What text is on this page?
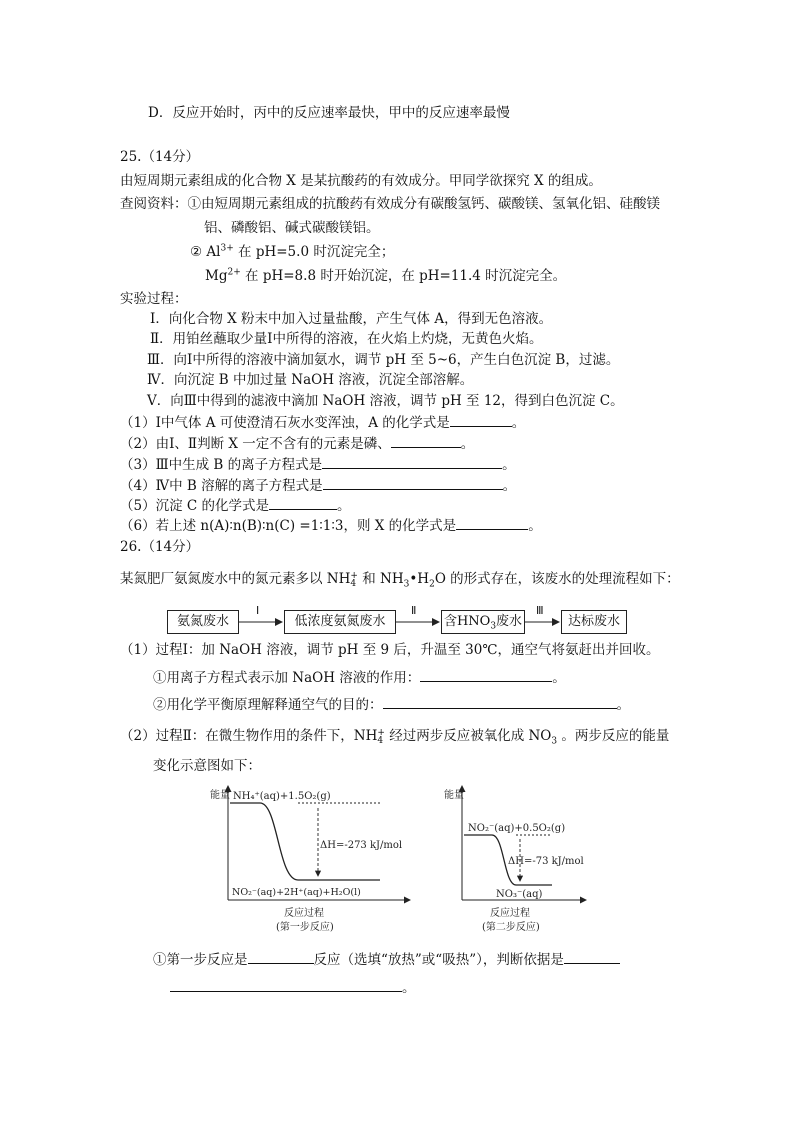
D．反应开始时，丙中的反应速率最快，甲中的反应速率最慢
25.（14分）
由短周期元素组成的化合物 X 是某抗酸药的有效成分。甲同学欲探究 X 的组成。
查阅资料：①由短周期元素组成的抗酸药有效成分有碳酸氢钙、碳酸镁、氢氧化铝、硅酸镁
铝、磷酸铝、碱式碳酸镁铝。
② $Al^{3+}$ 在 pH=5.0 时沉淀完全；
$Mg^{2+}$ 在 pH=8.8 时开始沉淀，在 pH=11.4 时沉淀完全。
实验过程：
Ⅰ．向化合物 X 粉末中加入过量盐酸，产生气体 A，得到无色溶液。
Ⅱ．用铂丝蘸取少量Ⅰ中所得的溶液，在火焰上灼烧，无黄色火焰。
Ⅲ．向Ⅰ中所得的溶液中滴加氨水，调节 pH 至 5~6，产生白色沉淀 B，过滤。
Ⅳ．向沉淀 B 中加过量 NaOH 溶液，沉淀全部溶解。
Ⅴ．向Ⅲ中得到的滤液中滴加 NaOH 溶液，调节 pH 至 12，得到白色沉淀 C。
（1）Ⅰ中气体 A 可使澄清石灰水变浑浊，A 的化学式是	。
（2）由Ⅰ、Ⅱ判断 X 一定不含有的元素是磷、	。
（3）Ⅲ中生成 B 的离子方程式是	。
（4）Ⅳ中 B 溶解的离子方程式是	。
（5）沉淀 C 的化学式是	。
（6）若上述 n(A)∶n(B)∶n(C) =1∶1∶3，则 X 的化学式是	。
26.（14分）
某氮肥厂氨氮废水中的氮元素多以 NH +
4 和 $NH_3•H_2O$ 的形式存在，该废水的处理流程如下：
氨氮废水	低浓度氨氮废水	含$HNO_3$废水	达标废水
Ⅰ	Ⅱ	Ⅲ
（1）过程Ⅰ：加 NaOH 溶液，调节 pH 至 9 后，升温至 30℃，通空气将氨赶出并回收。
①用离子方程式表示加 NaOH 溶液的作用：	。
②用化学平衡原理解释通空气的目的：	。
（2）过程Ⅱ：在微生物作用的条件下，NH +
4 经过两步反应被氧化成 $NO_3$ 。两步反应的能量
变化示意图如下：
能量 NH₄⁺(aq)+1.5O₂(g)
ΔH=-273 kJ/mol
NO₂⁻(aq)+2H⁺(aq)+H₂O(l)
反应过程
(第一步反应)
能量
NO₂⁻(aq)+0.5O₂(g)
ΔH=-73 kJ/mol
NO₃⁻(aq)
反应过程
(第二步反应)
①第一步反应是	反应（选填“放热”或“吸热”），判断依据是
。
